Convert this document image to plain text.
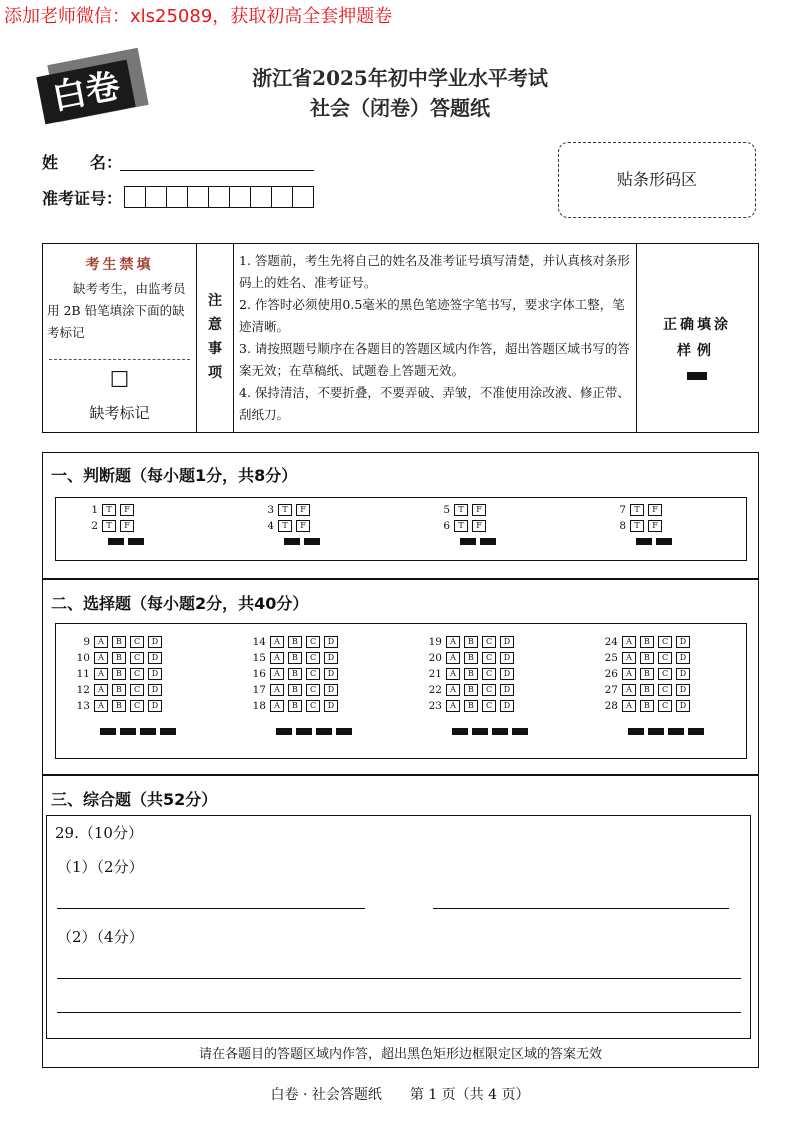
添加老师微信：xls25089，获取初高全套押题卷
白卷	浙江省2025年初中学业水平考试
社会（闭卷）答题纸
姓　　名：
准考证号：
贴条形码区
考生禁填
缺考考生，由监考员用 2B 铅笔填涂下面的缺考标记
☐
缺考标记
注意事项
1. 答题前，考生先将自己的姓名及准考证号填写清楚，并认真核对条形码上的姓名、准考证号。
2. 作答时必须使用0.5毫米的黑色笔迹签字笔书写，要求字体工整，笔迹清晰。
3. 请按照题号顺序在各题目的答题区域内作答，超出答题区域书写的答案无效；在草稿纸、试题卷上答题无效。
4. 保持清洁，不要折叠，不要弄破、弄皱，不准使用涂改液、修正带、刮纸刀。
正确填涂
样例
一、判断题（每小题1分，共8分）
1	T	F
2	T	F
3	T	F
4	T	F
5	T	F
6	T	F
7	T	F
8	T	F
二、选择题（每小题2分，共40分）
9	A	B	C	D
10	A	B	C	D
11	A	B	C	D
12	A	B	C	D
13	A	B	C	D
14	A	B	C	D
15	A	B	C	D
16	A	B	C	D
17	A	B	C	D
18	A	B	C	D
19	A	B	C	D
20	A	B	C	D
21	A	B	C	D
22	A	B	C	D
23	A	B	C	D
24	A	B	C	D
25	A	B	C	D
26	A	B	C	D
27	A	B	C	D
28	A	B	C	D
三、综合题（共52分）
29.（10分）
（1）（2分）
（2）（4分）
请在各题目的答题区域内作答，超出黑色矩形边框限定区域的答案无效
白卷 · 社会答题纸　　第 1 页（共 4 页）
